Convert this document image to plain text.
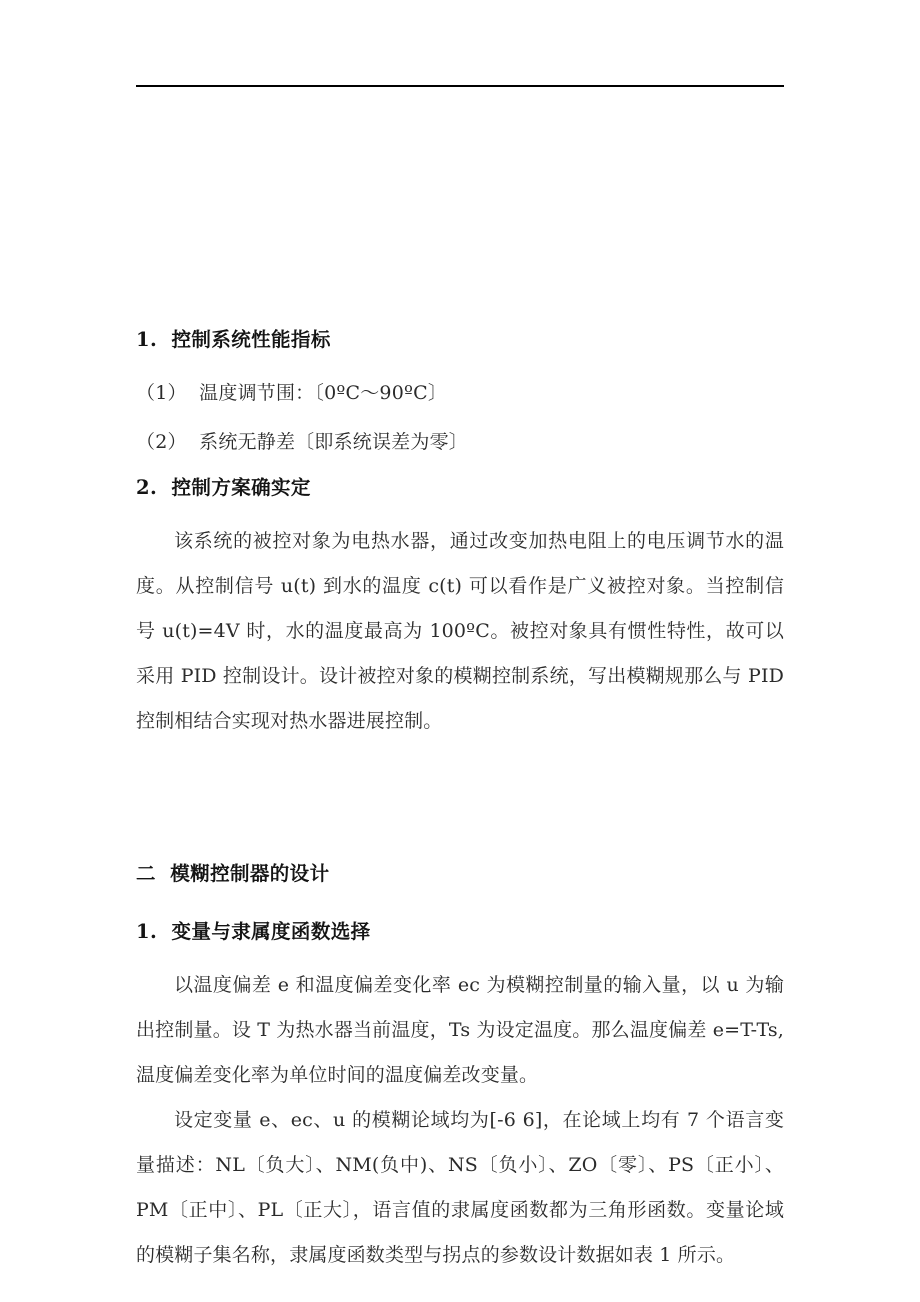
1.  控制系统性能指标
（1）  温度调节围：〔0ºC～90ºC〕
（2）  系统无静差〔即系统误差为零〕
2.  控制方案确实定

该系统的被控对象为电热水器，通过改变加热电阻上的电压调节水的温度。从控制信号 u(t) 到水的温度 c(t) 可以看作是广义被控对象。当控制信号 u(t)=4V 时，水的温度最高为 100ºC。被控对象具有惯性特性，故可以采用 PID 控制设计。设计被控对象的模糊控制系统，写出模糊规那么与 PID 控制相结合实现对热水器进展控制。

二  模糊控制器的设计
1.  变量与隶属度函数选择

以温度偏差 e 和温度偏差变化率 ec 为模糊控制量的输入量，以 u 为输出控制量。设 T 为热水器当前温度，Ts 为设定温度。那么温度偏差 e=T-Ts,温度偏差变化率为单位时间的温度偏差改变量。

设定变量 e、ec、u 的模糊论域均为[-6 6]，在论域上均有 7 个语言变量描述：NL〔负大〕、NM(负中)、NS〔负小〕、ZO〔零〕、PS〔正小〕、PM〔正中〕、PL〔正大〕，语言值的隶属度函数都为三角形函数。变量论域的模糊子集名称，隶属度函数类型与拐点的参数设计数据如表 1 所示。
